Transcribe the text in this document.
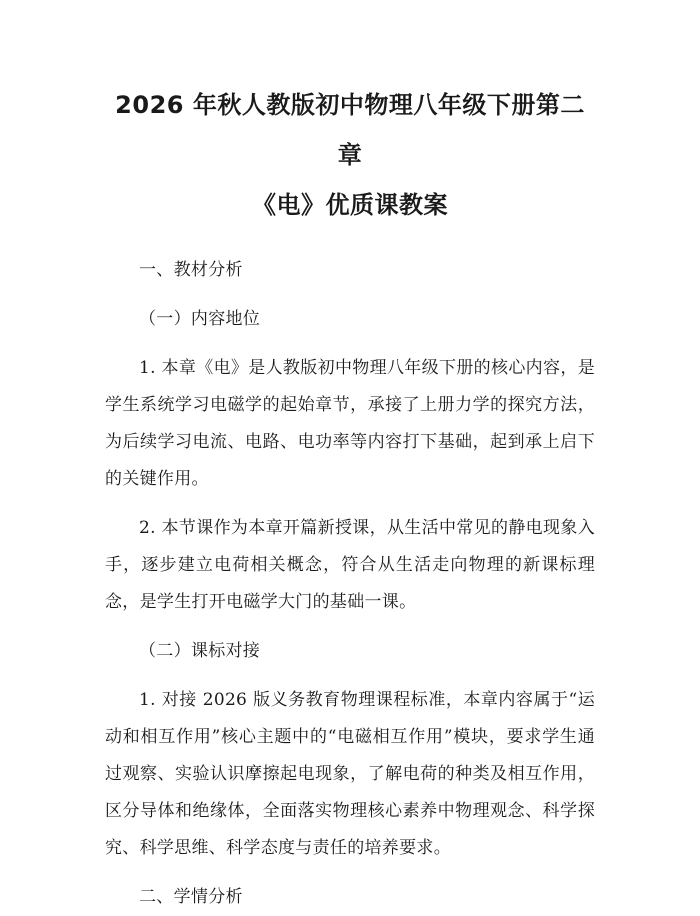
2026 年秋人教版初中物理八年级下册第二章
《电》优质课教案
一、教材分析
（一）内容地位

1. 本章《电》是人教版初中物理八年级下册的核心内容，是学生系统学习电磁学的起始章节，承接了上册力学的探究方法，为后续学习电流、电路、电功率等内容打下基础，起到承上启下的关键作用。

2. 本节课作为本章开篇新授课，从生活中常见的静电现象入手，逐步建立电荷相关概念，符合从生活走向物理的新课标理念，是学生打开电磁学大门的基础一课。

（二）课标对接

1. 对接 2026 版义务教育物理课程标准，本章内容属于“运动和相互作用”核心主题中的“电磁相互作用”模块，要求学生通过观察、实验认识摩擦起电现象，了解电荷的种类及相互作用，区分导体和绝缘体，全面落实物理核心素养中物理观念、科学探究、科学思维、科学态度与责任的培养要求。

二、学情分析
